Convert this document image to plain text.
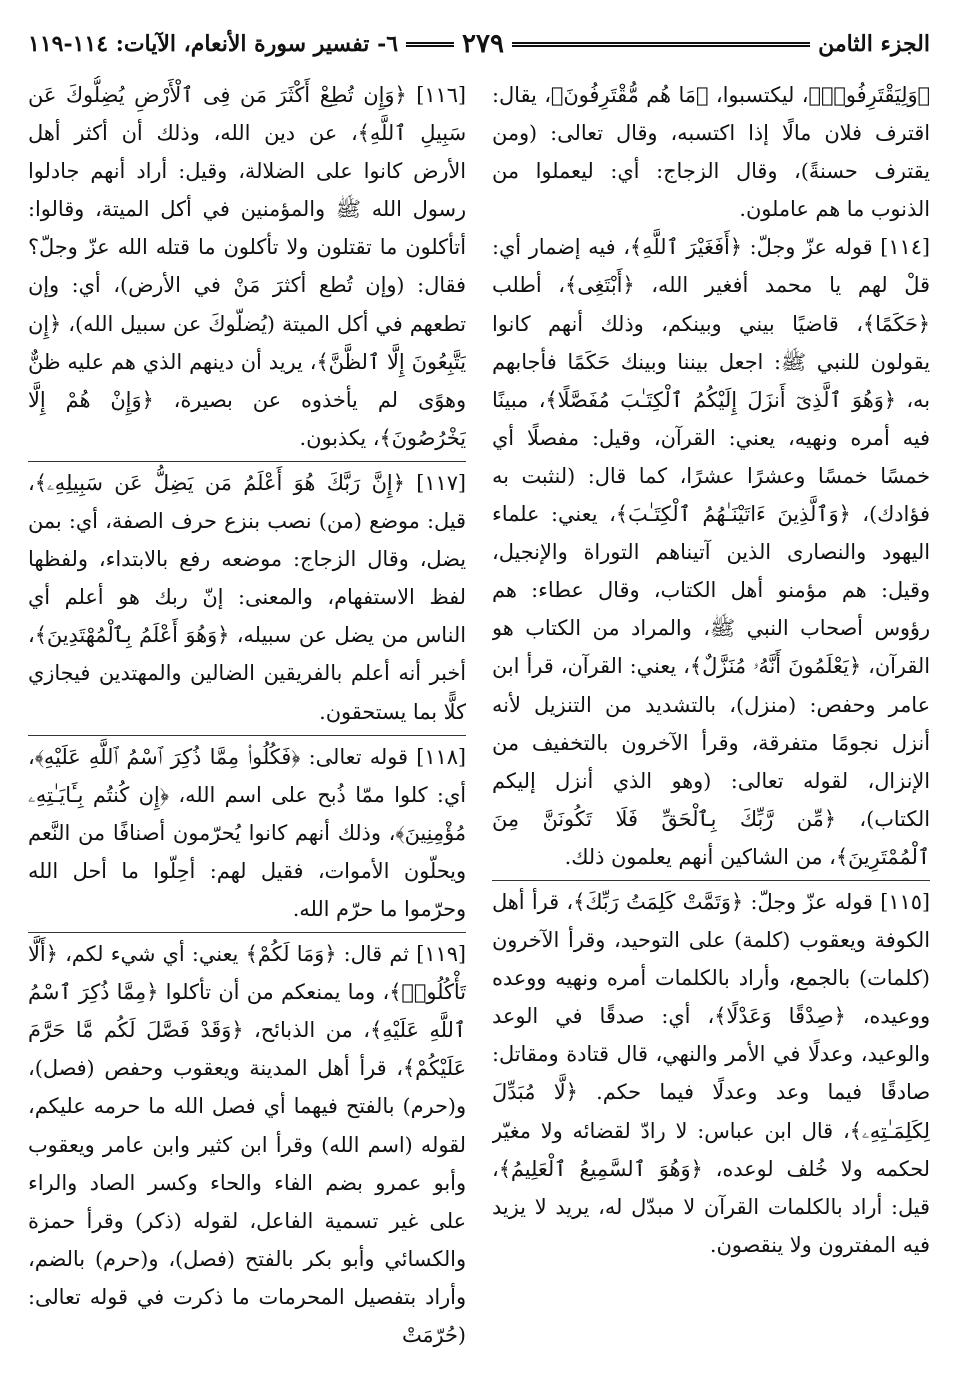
الجزء الثامن
٢٧٩
٦- تفسير سورة الأنعام، الآيات: ١١٤-١١٩

﴿وَلِيَقْتَرِفُوا۟﴾، ليكتسبوا، ﴿مَا هُم مُّقْتَرِفُونَ﴾، يقال: اقترف فلان مالًا إذا اكتسبه، وقال تعالى: (ومن يقترف حسنةً)، وقال الزجاج: أي: ليعملوا من الذنوب ما هم عاملون.

[١١٤] قوله عزّ وجلّ: ﴿أَفَغَيْرَ ٱللَّهِ﴾، فيه إضمار أي: قلْ لهم يا محمد أفغير الله، ﴿أَبْتَغِى﴾، أطلب ﴿حَكَمًا﴾، قاضيًا بيني وبينكم، وذلك أنهم كانوا يقولون للنبي ﷺ: اجعل بيننا وبينك حَكَمًا فأجابهم به، ﴿وَهُوَ ٱلَّذِىٓ أَنزَلَ إِلَيْكُمُ ٱلْكِتَـٰبَ مُفَصَّلًا﴾، مبينًا فيه أمره ونهيه، يعني: القرآن، وقيل: مفصلًا أي خمسًا خمسًا وعشرًا عشرًا، كما قال: (لنثبت به فؤادك)، ﴿وَٱلَّذِينَ ءَاتَيْنَـٰهُمُ ٱلْكِتَـٰبَ﴾، يعني: علماء اليهود والنصارى الذين آتيناهم التوراة والإنجيل، وقيل: هم مؤمنو أهل الكتاب، وقال عطاء: هم رؤوس أصحاب النبي ﷺ، والمراد من الكتاب هو القرآن، ﴿يَعْلَمُونَ أَنَّهُۥ مُنَزَّلٌ﴾، يعني: القرآن، قرأ ابن عامر وحفص: (منزل)، بالتشديد من التنزيل لأنه أنزل نجومًا متفرقة، وقرأ الآخرون بالتخفيف من الإنزال، لقوله تعالى: (وهو الذي أنزل إليكم الكتاب)، ﴿مِّن رَّبِّكَ بِٱلْحَقِّ فَلَا تَكُونَنَّ مِنَ ٱلْمُمْتَرِينَ﴾، من الشاكين أنهم يعلمون ذلك.

[١١٥] قوله عزّ وجلّ: ﴿وَتَمَّتْ كَلِمَتُ رَبِّكَ﴾، قرأ أهل الكوفة ويعقوب (كلمة) على التوحيد، وقرأ الآخرون (كلمات) بالجمع، وأراد بالكلمات أمره ونهيه ووعده ووعيده، ﴿صِدْقًا وَعَدْلًا﴾، أي: صدقًا في الوعد والوعيد، وعدلًا في الأمر والنهي، قال قتادة ومقاتل: صادقًا فيما وعد وعدلًا فيما حكم. ﴿لَّا مُبَدِّلَ لِكَلِمَـٰتِهِۦ﴾، قال ابن عباس: لا رادّ لقضائه ولا مغيّر لحكمه ولا خُلف لوعده، ﴿وَهُوَ ٱلسَّمِيعُ ٱلْعَلِيمُ﴾، قيل: أراد بالكلمات القرآن لا مبدّل له، يريد لا يزيد فيه المفترون ولا ينقصون.

[١١٦] ﴿وَإِن تُطِعْ أَكْثَرَ مَن فِى ٱلْأَرْضِ يُضِلُّوكَ عَن سَبِيلِ ٱللَّهِ﴾، عن دين الله، وذلك أن أكثر أهل الأرض كانوا على الضلالة، وقيل: أراد أنهم جادلوا رسول الله ﷺ والمؤمنين في أكل الميتة، وقالوا: أتأكلون ما تقتلون ولا تأكلون ما قتله الله عزّ وجلّ؟ فقال: (وإن تُطع أكثرَ مَنْ في الأرض)، أي: وإن تطعهم في أكل الميتة (يُضلّوكَ عن سبيل الله)، ﴿إِن يَتَّبِعُونَ إِلَّا ٱلظَّنَّ﴾، يريد أن دينهم الذي هم عليه ظنٌّ وهوًى لم يأخذوه عن بصيرة، ﴿وَإِنْ هُمْ إِلَّا يَخْرُصُونَ﴾، يكذبون.

[١١٧] ﴿إِنَّ رَبَّكَ هُوَ أَعْلَمُ مَن يَضِلُّ عَن سَبِيلِهِۦ﴾، قيل: موضع (من) نصب بنزع حرف الصفة، أي: بمن يضل، وقال الزجاج: موضعه رفع بالابتداء، ولفظها لفظ الاستفهام، والمعنى: إنّ ربك هو أعلم أي الناس من يضل عن سبيله، ﴿وَهُوَ أَعْلَمُ بِٱلْمُهْتَدِينَ﴾، أخبر أنه أعلم بالفريقين الضالين والمهتدين فيجازي كلًّا بما يستحقون.

[١١٨] قوله تعالى: ﴿فَكُلُوا۟ مِمَّا ذُكِرَ ٱسْمُ ٱللَّهِ عَلَيْهِ﴾، أي: كلوا ممّا ذُبح على اسم الله، ﴿إِن كُنتُم بِـَٔايَـٰتِهِۦ مُؤْمِنِينَ﴾، وذلك أنهم كانوا يُحرّمون أصنافًا من النَّعم ويحلّون الأموات، فقيل لهم: أحِلّوا ما أحل الله وحرّموا ما حرّم الله.

[١١٩] ثم قال: ﴿وَمَا لَكُمْ﴾ يعني: أي شيء لكم، ﴿أَلَّا تَأْكُلُوا۟﴾، وما يمنعكم من أن تأكلوا ﴿مِمَّا ذُكِرَ ٱسْمُ ٱللَّهِ عَلَيْهِ﴾، من الذبائح، ﴿وَقَدْ فَصَّلَ لَكُم مَّا حَرَّمَ عَلَيْكُمْ﴾، قرأ أهل المدينة ويعقوب وحفص (فصل)، و(حرم) بالفتح فيهما أي فصل الله ما حرمه عليكم، لقوله (اسم الله) وقرأ ابن كثير وابن عامر ويعقوب وأبو عمرو بضم الفاء والحاء وكسر الصاد والراء على غير تسمية الفاعل، لقوله (ذكر) وقرأ حمزة والكسائي وأبو بكر بالفتح (فصل)، و(حرم) بالضم، وأراد بتفصيل المحرمات ما ذكرت في قوله تعالى: (حُرّمَتْ
